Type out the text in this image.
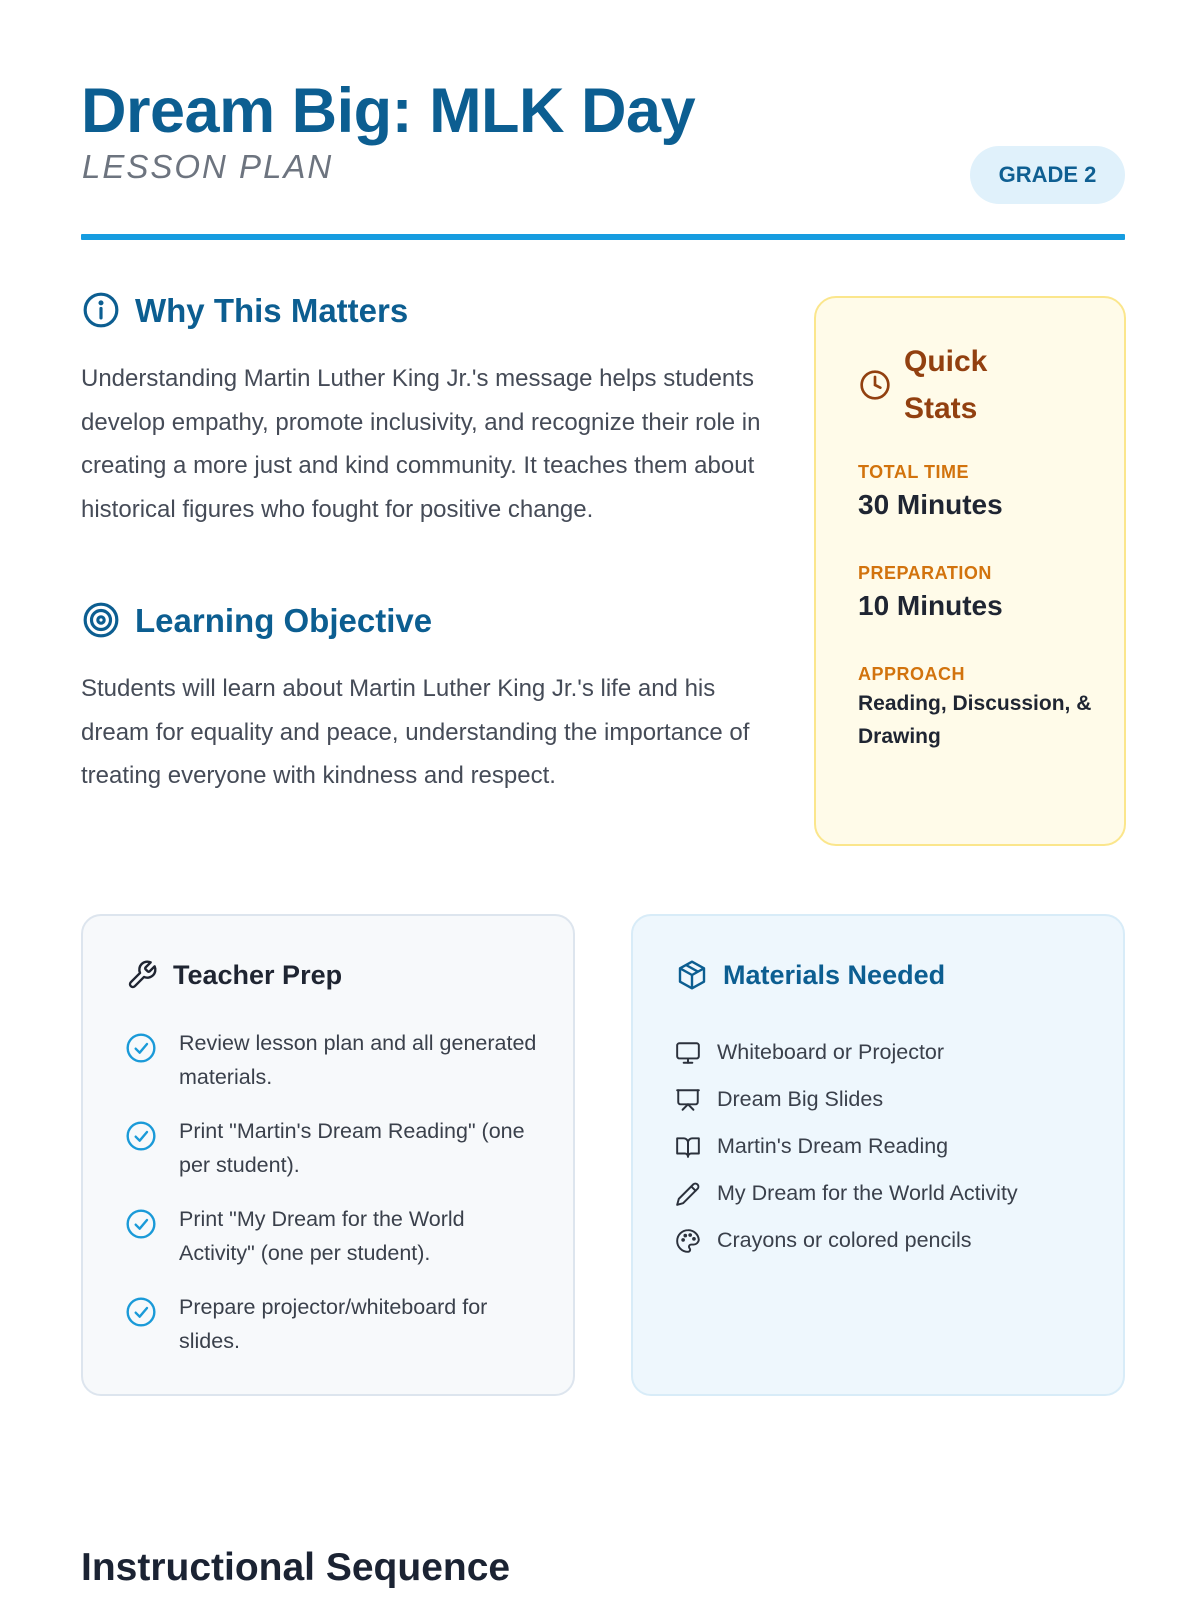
Dream Big: MLK Day
LESSON PLAN	GRADE 2
Why This Matters

Understanding Martin Luther King Jr.'s message helps students develop empathy, promote inclusivity, and recognize their role in creating a more just and kind community. It teaches them about historical figures who fought for positive change.

Learning Objective

Students will learn about Martin Luther King Jr.'s life and his dream for equality and peace, understanding the importance of treating everyone with kindness and respect.

Quick Stats
TOTAL TIME
30 Minutes
PREPARATION
10 Minutes
APPROACH
Reading, Discussion, & Drawing
Teacher Prep
Review lesson plan and all generated materials.
Print "Martin's Dream Reading" (one per student).
Print "My Dream for the World Activity" (one per student).
Prepare projector/whiteboard for slides.
Materials Needed
Whiteboard or Projector
Dream Big Slides
Martin's Dream Reading
My Dream for the World Activity
Crayons or colored pencils
Instructional Sequence
